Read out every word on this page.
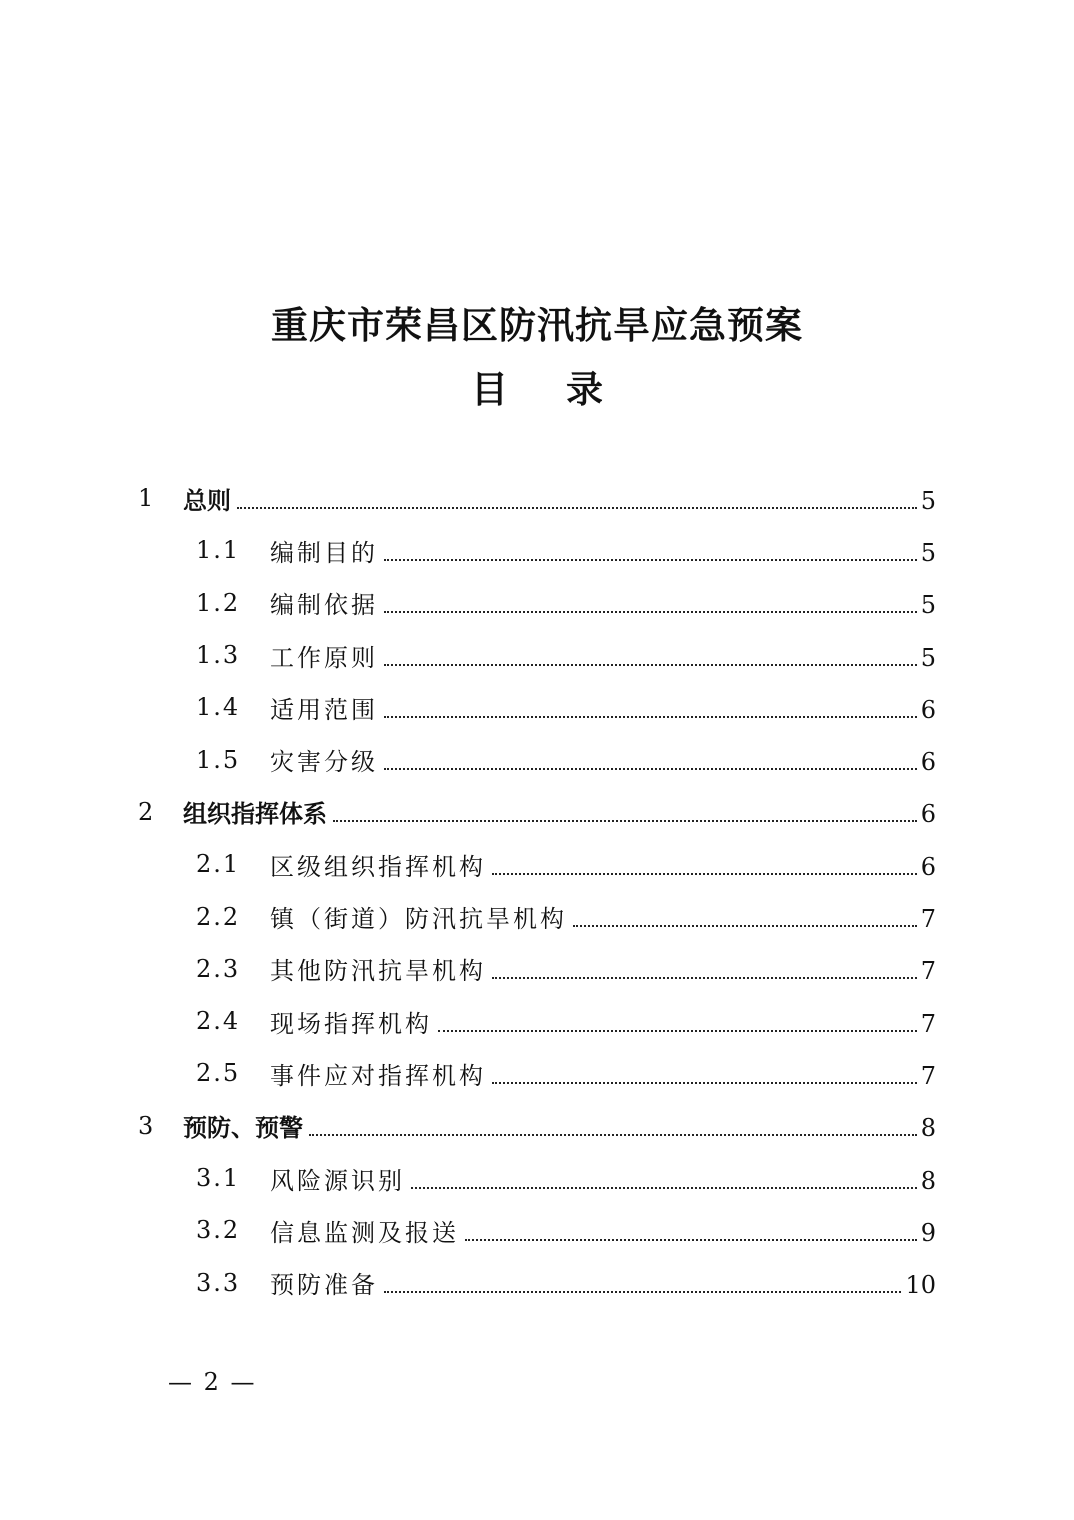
重庆市荣昌区防汛抗旱应急预案
目 录
1 总则	5
1.1 编制目的	5
1.2 编制依据	5
1.3 工作原则	5
1.4 适用范围	6
1.5 灾害分级	6
2 组织指挥体系	6
2.1 区级组织指挥机构	6
2.2 镇（街道）防汛抗旱机构	7
2.3 其他防汛抗旱机构	7
2.4 现场指挥机构	7
2.5 事件应对指挥机构	7
3 预防、预警	8
3.1 风险源识别	8
3.2 信息监测及报送	9
3.3 预防准备	10
— 2 —
